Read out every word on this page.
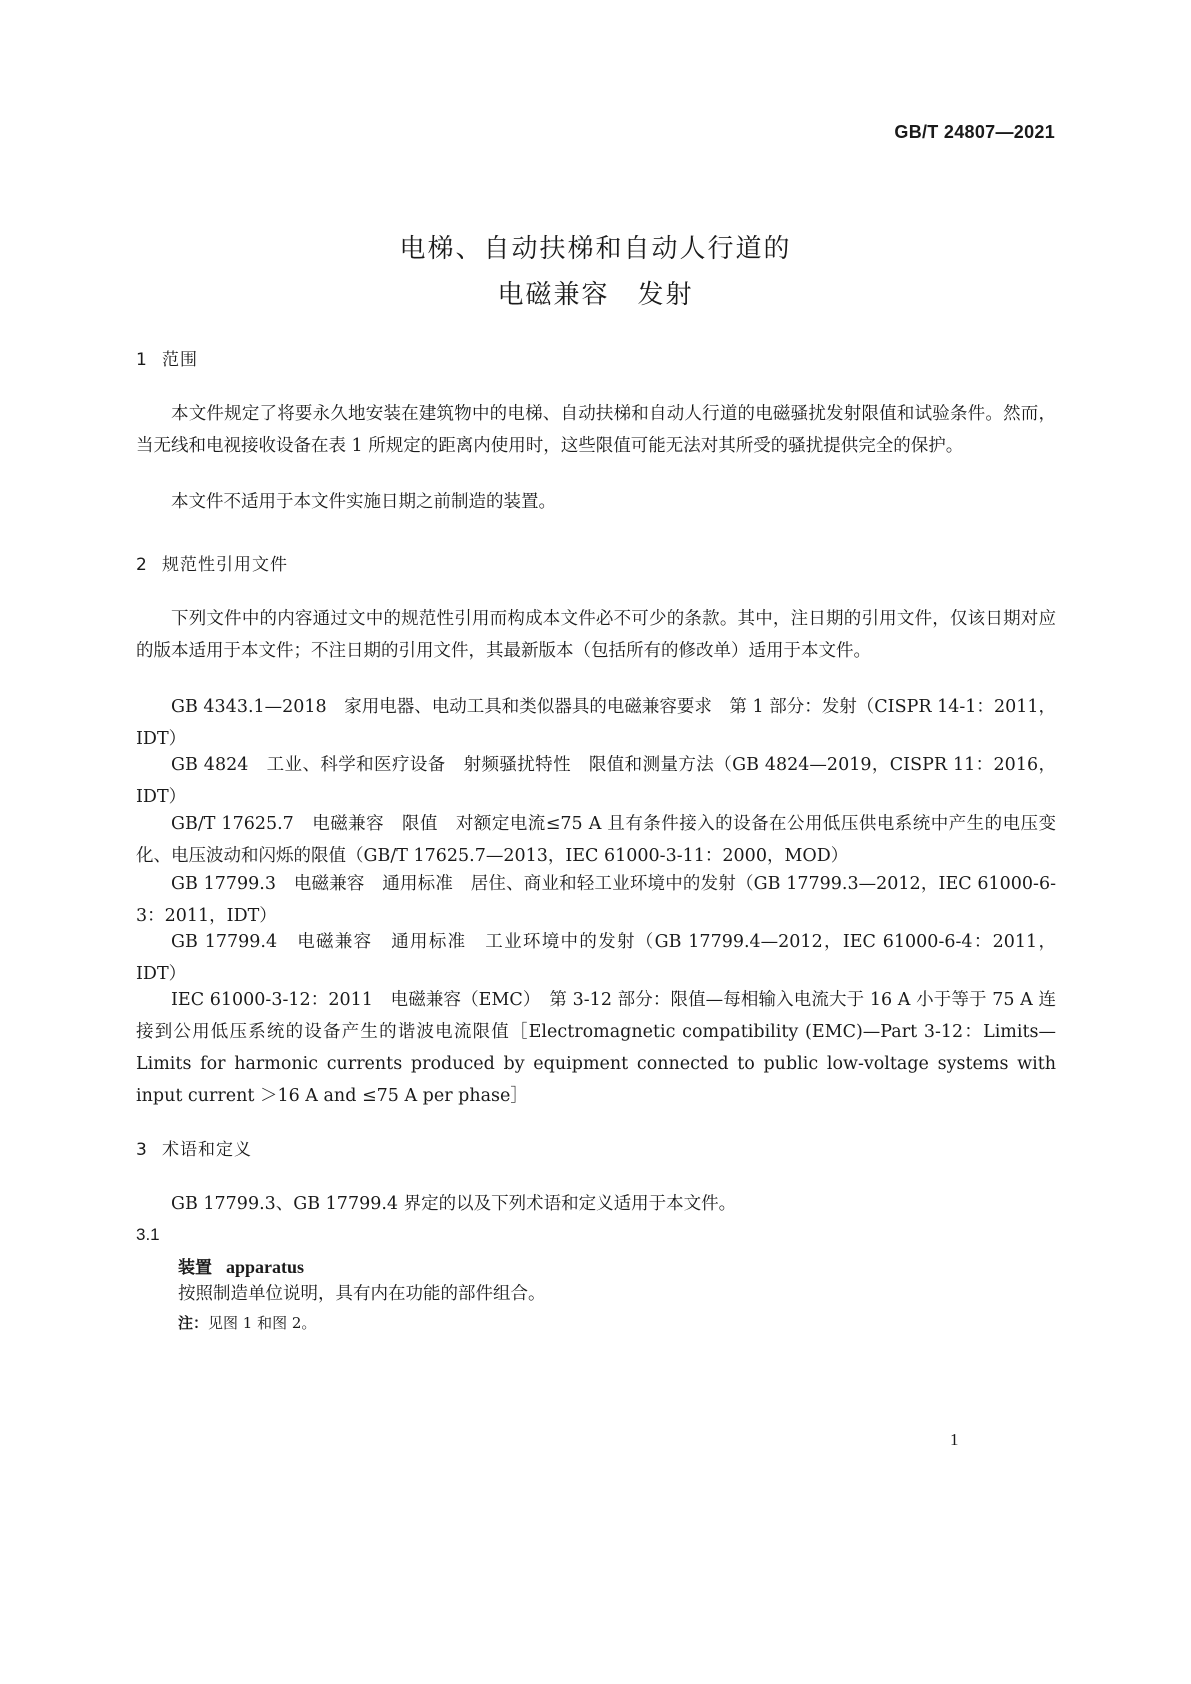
GB/T 24807—2021
电梯、自动扶梯和自动人行道的
电磁兼容　发射
1 范围
本文件规定了将要永久地安装在建筑物中的电梯、自动扶梯和自动人行道的电磁骚扰发射限值和试验条件。然而，当无线和电视接收设备在表 1 所规定的距离内使用时，这些限值可能无法对其所受的骚扰提供完全的保护。
本文件不适用于本文件实施日期之前制造的装置。
2 规范性引用文件
下列文件中的内容通过文中的规范性引用而构成本文件必不可少的条款。其中，注日期的引用文件，仅该日期对应的版本适用于本文件；不注日期的引用文件，其最新版本（包括所有的修改单）适用于本文件。
GB 4343.1—2018　家用电器、电动工具和类似器具的电磁兼容要求　第 1 部分：发射（CISPR 14-1：2011，IDT）
GB 4824　工业、科学和医疗设备　射频骚扰特性　限值和测量方法（GB 4824—2019，CISPR 11：2016，IDT）
GB/T 17625.7　电磁兼容　限值　对额定电流≤75 A 且有条件接入的设备在公用低压供电系统中产生的电压变化、电压波动和闪烁的限值（GB/T 17625.7—2013，IEC 61000-3-11：2000，MOD）
GB 17799.3　电磁兼容　通用标准　居住、商业和轻工业环境中的发射（GB 17799.3—2012，IEC 61000-6-3：2011，IDT）
GB 17799.4　电磁兼容　通用标准　工业环境中的发射（GB 17799.4—2012，IEC 61000-6-4：2011，IDT）
IEC 61000-3-12：2011　电磁兼容（EMC）　第 3-12 部分：限值—每相输入电流大于 16 A 小于等于 75 A 连接到公用低压系统的设备产生的谐波电流限值［Electromagnetic compatibility (EMC)—Part 3-12：Limits—Limits for harmonic currents produced by equipment connected to public low-voltage systems with input current ＞16 A and ≤75 A per phase］
3 术语和定义
GB 17799.3、GB 17799.4 界定的以及下列术语和定义适用于本文件。
3.1
装置 apparatus
按照制造单位说明，具有内在功能的部件组合。
注：见图 1 和图 2。
1
